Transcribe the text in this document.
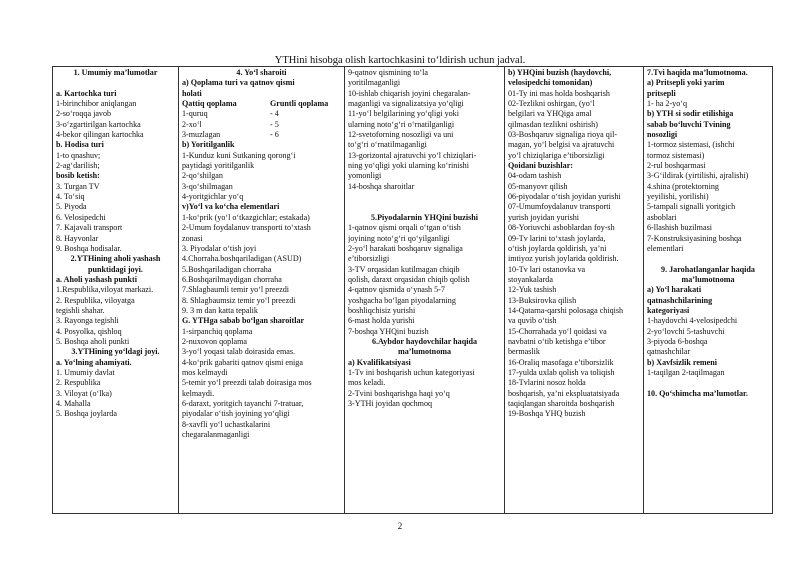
YTHini hisobga olish kartochkasini to‘ldirish uchun jadval.
1. Umumiy ma’lumotlar

a. Kartochka turi
1-birinchibor aniqlangan
2-so‘roqqa javob
3-o‘zgartirilgan kartochka
4-bekor qilingan kartochka
b. Hodisa turi
1-to qnashuv;
2-ag‘darilish;
bosib ketish:
3. Turgan TV
4. To‘siq
5. Piyoda
6. Velosipedchi
7. Kajavali transport
8. Hayvonlar
9. Boshqa hodisalar.
2.YTHining aholi yashash
punktidagi joyi.
a. Aholi yashash punkti
1.Respublika,viloyat markazi.
2. Respublika, viloyatga
tegishli shahar.
3. Rayonga tegishli
4. Posyolka, qishloq
5. Boshqa aholi punkti
3.YTHining yo‘ldagi joyi.
a. Yo‘lning ahamiyati.
1. Umumiy davlat
2. Respublika
3. Viloyat (o‘lka)
4. Mahalla
5. Boshqa joylarda

4. Yo‘l sharoiti
a) Qoplama turi va qatnov qismi
holati
Qattiq qoplama	Gruntli qoplama
1-quruq	- 4
2-xo‘l	- 5
3-muzlagan	- 6
b) Yoritilganlik
1-Kunduz kuni Sutkaning qorong‘i
paytidagi yoritilganlik
2-qo‘shilgan
3-qo‘shilmagan
4-yoritgichlar yo‘q
v)Yo‘l va ko‘cha elementlari
1-ko‘prik (yo‘l o‘tkazgichlar; estakada)
2-Umum foydalanuv transporti to‘xtash
zonasi
3. Piyodalar o‘tish joyi
4.Chorraha.boshqariladigan (ASUD)
5.Boshqariladigan chorraha
6.Boshqarilmaydigan chorraha
7.Shlagbaumli temir yo‘l preezdi
8. Shlagbaumsiz temir yo‘l preezdi
9. 3 m dan katta tepalik
G. YTHga sabab bo‘lgan sharoitlar
1-sirpanchiq qoplama
2-nuxovon qoplama
3-yo‘l yoqasi talab doirasida emas.
4-ko‘prik gabariti qatnov qismi eniga
mos kelmaydi
5-temir yo‘l preezdi talab doirasiga mos
kelmaydi.
6-daraxt, yoritgich tayanchi 7-tratuar,
piyodalar o‘tish joyining yo‘qligi
8-xavfli yo‘l uchastkalarini
chegaralanmaganligi

9-qatnov qismining to‘la
yoritilmaganligi
10-ishlab chiqarish joyini chegaralan-
maganligi va signalizatsiya yo‘qligi
11-yo‘l belgilarining yo‘qligi yoki
ularning noto‘g‘ri o‘rnatilganligi
12-svetoforning nosozligi va uni
to‘g‘ri o‘rnatilmaganligi
13-gorizontal ajratuvchi yo‘l chiziqlari-
ning yo‘qligi yoki ularning ko‘rinishi
yomonligi
14-boshqa sharoitlar

5.Piyodalarnin YHQini buzishi
1-qatnov qismi orqali o‘tgan o‘tish
joyining noto‘g‘ri qo‘yilganligi
2-yo‘l harakati boshqaruv signaliga
e’tiborsizligi
3-TV orqasidan kutilmagan chiqib
qolish, daraxt orqasidan chiqib qolish
4-qatnov qismida o‘ynash 5-7
yoshgacha bo‘lgan piyodalarning
boshliqchisiz yurishi
6-mast holda yurishi
7-boshqa YHQini buzish
6.Aybdor haydovchilar haqida
ma’lumotnoma
a) Kvalifikatsiyasi
1-Tv ini boshqarish uchun kategoriyasi
mos keladi.
2-Tvini boshqarishga haqi yo‘q
3-YTHi joyidan qochmoq

b) YHQini buzish (haydovchi,
velosipedchi tomonidan)
01-Ty ini mas holda boshqarish
02-Tezlikni oshirgan, (yo‘l
belgilari va YHQiga amal
qilmasdan tezlikni oshirish)
03-Boshqaruv signaliga rioya qil-
magan, yo‘l belgisi va ajratuvchi
yo‘l chiziqlariga e’tiborsizligi
Qoidani buzishlar:
04-odam tashish
05-manyovr qilish
06-piyodalar o‘tish joyidan yurishi
07-Umumfoydalanuv transporti
yurish joyidan yurishi
08-Yoriuvchi asboblardan foy-sh
09-Tv larini to‘xtash joylarda,
o‘tish joylarda qoldirish, ya’ni
imtiyoz yurish joylarida qoldirish.
10-Tv lari ostanovka va
stoyankalarda
12-Yuk tashish
13-Buksirovka qilish
14-Qatarna-qarshi polosaga chiqish
va quvib o‘tish
15-Chorrahada yo‘l qoidasi va
navbatni o‘tib ketishga e’tibor
bermaslik
16-Oraliq masofaga e’tiborsizlik
17-yulda uxlab qolish va toliqish
18-Tvlarini nosoz holda
boshqarish, ya’ni ekspluatatsiyada
taqiqlangan sharoitda boshqarish
19-Boshqa YHQ buzish

7.Tvi haqida ma’lumotnoma.
a) Pritsepli yoki yarim
pritsepli
1- ha 2-yo‘q
b) YTH si sodir etilishiga
sabab bo‘luvchi Tvining
nosozligi
1-tormoz sistemasi, (ishchi
tormoz sistemasi)
2-rul boshqarmasi
3-G‘ildirak (yirtilishi, ajralishi)
4.shina (protektorning
yeyilishi, yorilishi)
5-tampali signalli yoritgich
asboblari
6-llashish buzilmasi
7-Konstruksiyasining boshqa
elementlari

9. Jarohatlanganlar haqida
ma’lumotnoma
a) Yo‘l harakati
qatnashchilarining
kategoriyasi
1-haydovchi 4-velosipedchi
2-yo‘lovchi 5-tashuvchi
3-piyoda 6-boshqa
qatnashchilar
b) Xavfsizlik remeni
1-taqilgan 2-taqilmagan

10. Qo‘shimcha ma’lumotlar.
2
